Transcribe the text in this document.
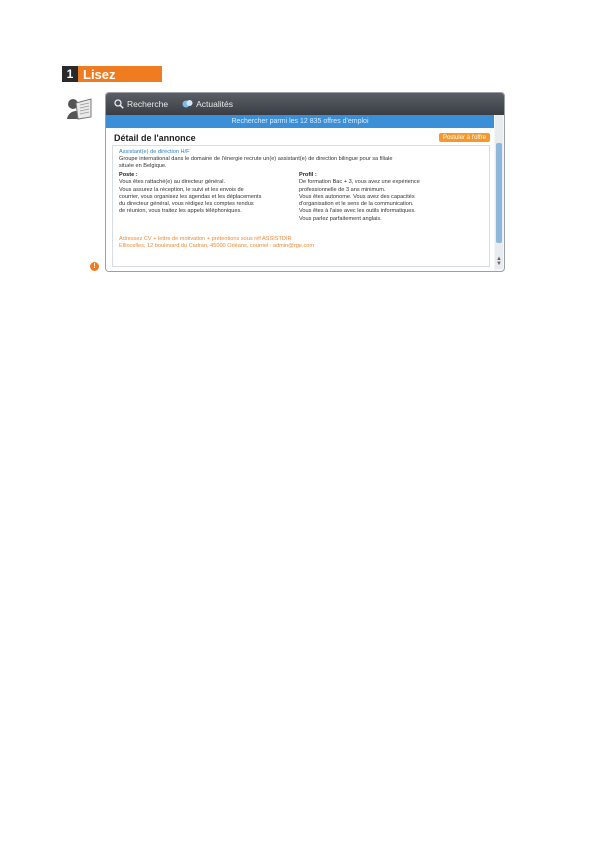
1 Lisez
!
Recherche	Actualités
Rechercher parmi les 12 835 offres d'emploi
▲
▼
Détail de l'annonce	Postuler à l'offre
Assistant(e) de direction H/F
Groupe international dans le domaine de l'énergie recrute un(e) assistant(e) de direction bilingue pour sa filiale située en Belgique.
Poste :
Vous êtes rattaché(e) au directeur général.
Vous assurez la réception, le suivi et les envois de
courrier, vous organisez les agendas et les déplacements
du directeur général, vous rédigez les comptes rendus
de réunion, vous traitez les appels téléphoniques.
Profil :
De formation Bac + 3, vous avez une expérience
professionnelle de 3 ans minimum.
Vous êtes autonome. Vous avez des capacités
d'organisation et le sens de la communication.
Vous êtes à l'aise avec les outils informatiques.
Vous parlez parfaitement anglais.
Adressez CV + lettre de motivation + prétentions sous réf ASSISTDIR
Ellincelles, 12 boulevard du Cadran, 45000 Orléans, courriel : admin@rge.com
